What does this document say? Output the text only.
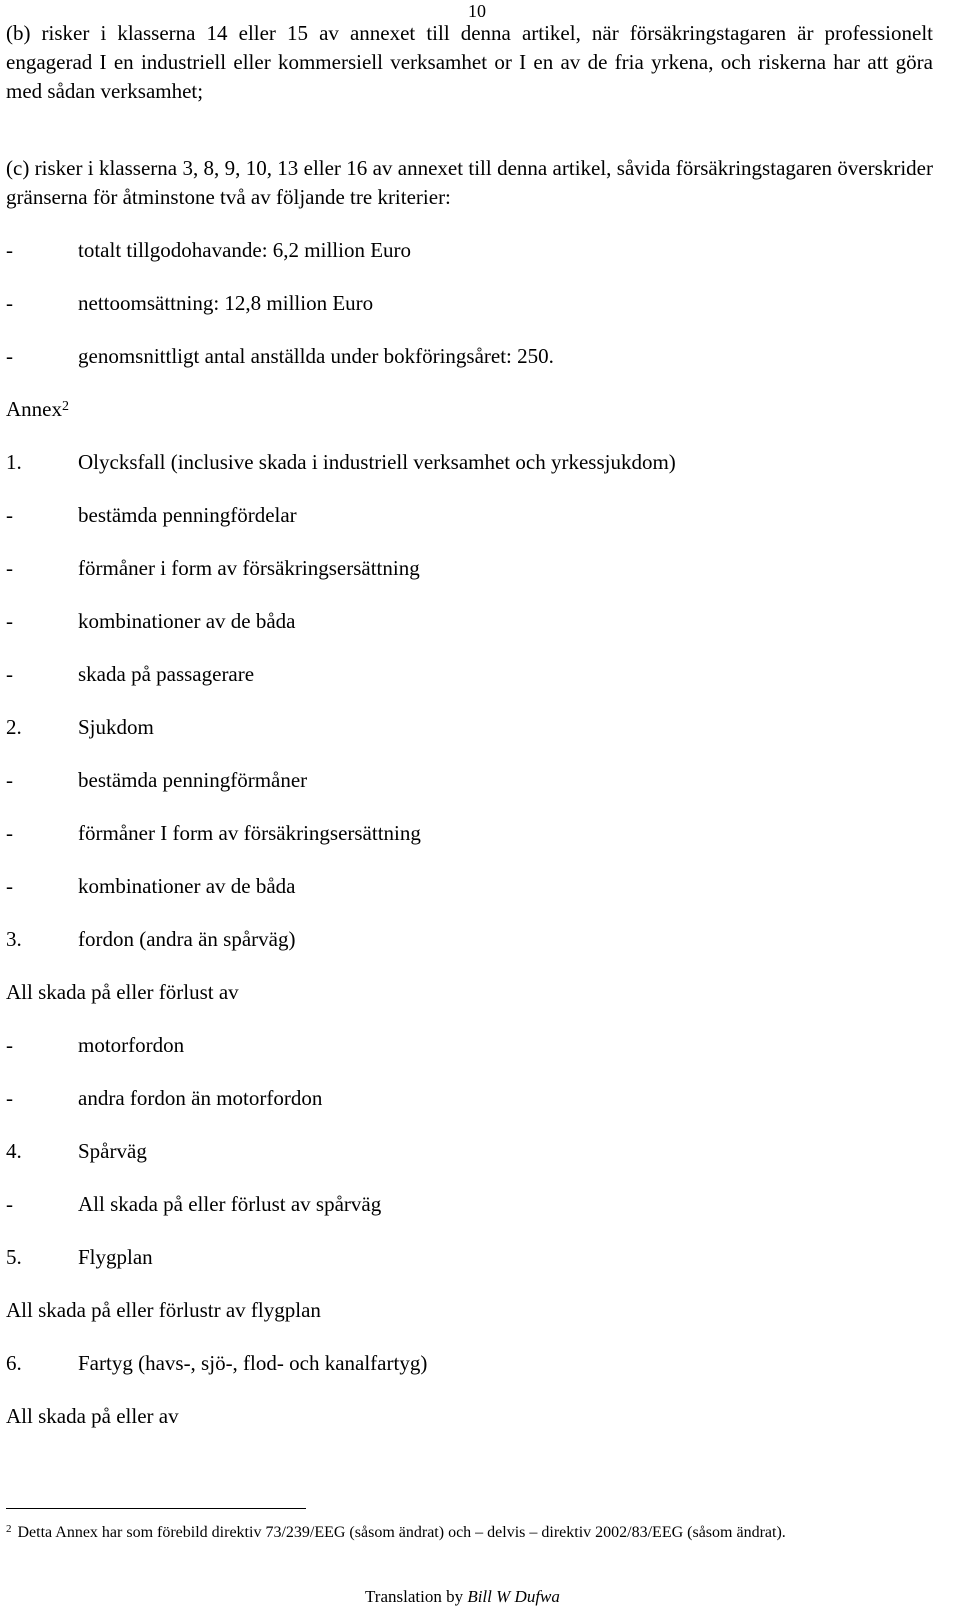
10
(b) risker i klasserna 14 eller 15 av annexet till denna artikel, när försäkringstagaren är professionelt engagerad I en industriell eller kommersiell verksamhet or I en av de fria yrkena, och riskerna har att göra med sådan verksamhet;
(c) risker i klasserna 3, 8, 9, 10, 13 eller 16 av annexet till denna artikel, såvida försäkringstagaren överskrider gränserna för åtminstone två av följande tre kriterier:
-	totalt tillgodohavande: 6,2 million Euro
-	nettoomsättning: 12,8 million Euro
-	genomsnittligt antal anställda under bokföringsåret: 250.
Annex$^2$
1.	Olycksfall (inclusive skada i industriell verksamhet och yrkessjukdom)
-	bestämda penningfördelar
-	förmåner i form av försäkringsersättning
-	kombinationer av de båda
-	skada på passagerare
2.	Sjukdom
-	bestämda penningförmåner
-	förmåner I form av försäkringsersättning
-	kombinationer av de båda
3.	fordon (andra än spårväg)
All skada på eller förlust av
-	motorfordon
-	andra fordon än motorfordon
4.	Spårväg
-	All skada på eller förlust av spårväg
5.	Flygplan
All skada på eller förlustr av flygplan
6.	Fartyg (havs-, sjö-, flod- och kanalfartyg)
All skada på eller av
$^2$ Detta Annex har som förebild direktiv 73/239/EEG (såsom ändrat) och – delvis – direktiv 2002/83/EEG (såsom ändrat).
Translation by Bill W Dufwa
